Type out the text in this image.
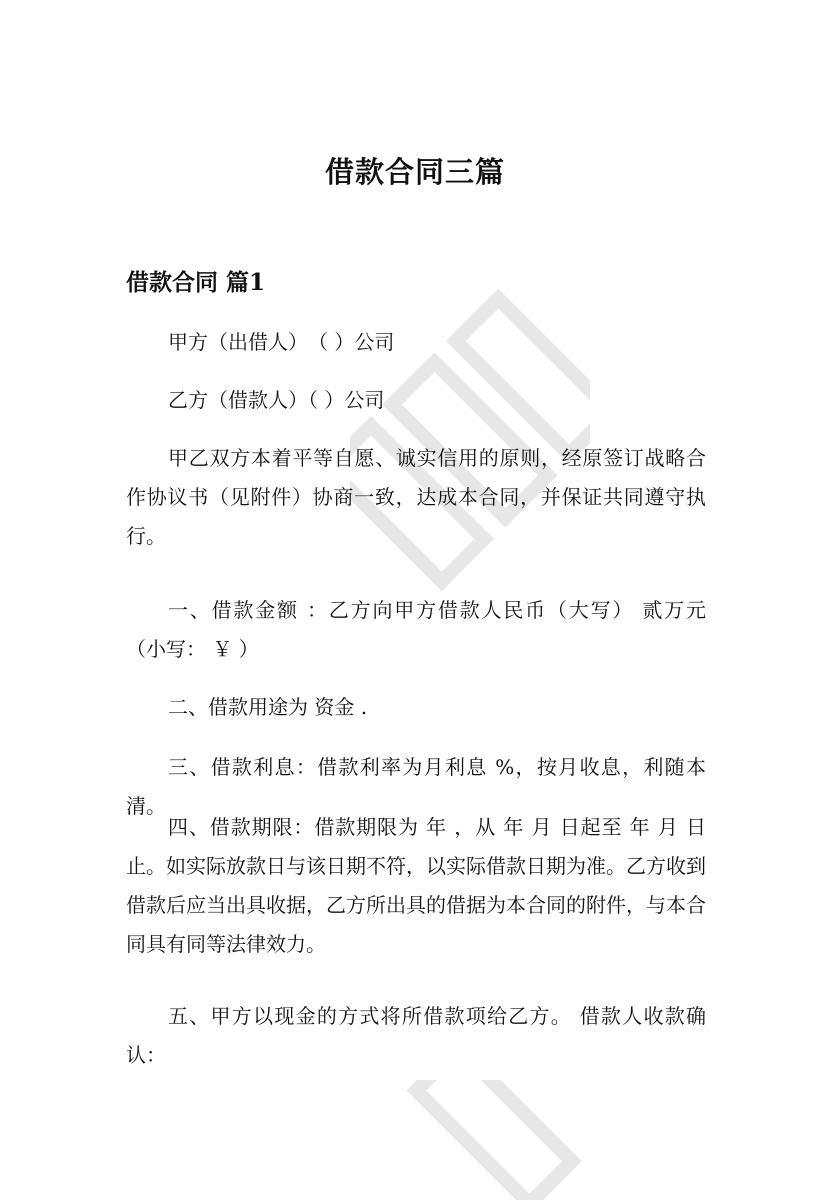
借款合同三篇
借款合同 篇1

甲方（出借人）　（ ）公司

乙方（借款人）（ ）公司

甲乙双方本着平等自愿、诚实信用的原则，经原签订战略合作协议书（见附件）协商一致，达成本合同，并保证共同遵守执行。

一、借款金额 ：乙方向甲方借款人民币（大写） 贰万元 （小写： ￥ ）

二、借款用途为 资金 .

三、借款利息：借款利率为月利息 %，按月收息，利随本清。

四、借款期限：借款期限为 年 ，从 年 月 日起至 年 月 日止。如实际放款日与该日期不符，以实际借款日期为准。乙方收到借款后应当出具收据，乙方所出具的借据为本合同的附件，与本合同具有同等法律效力。

五、甲方以现金的方式将所借款项给乙方。 借款人收款确认：
